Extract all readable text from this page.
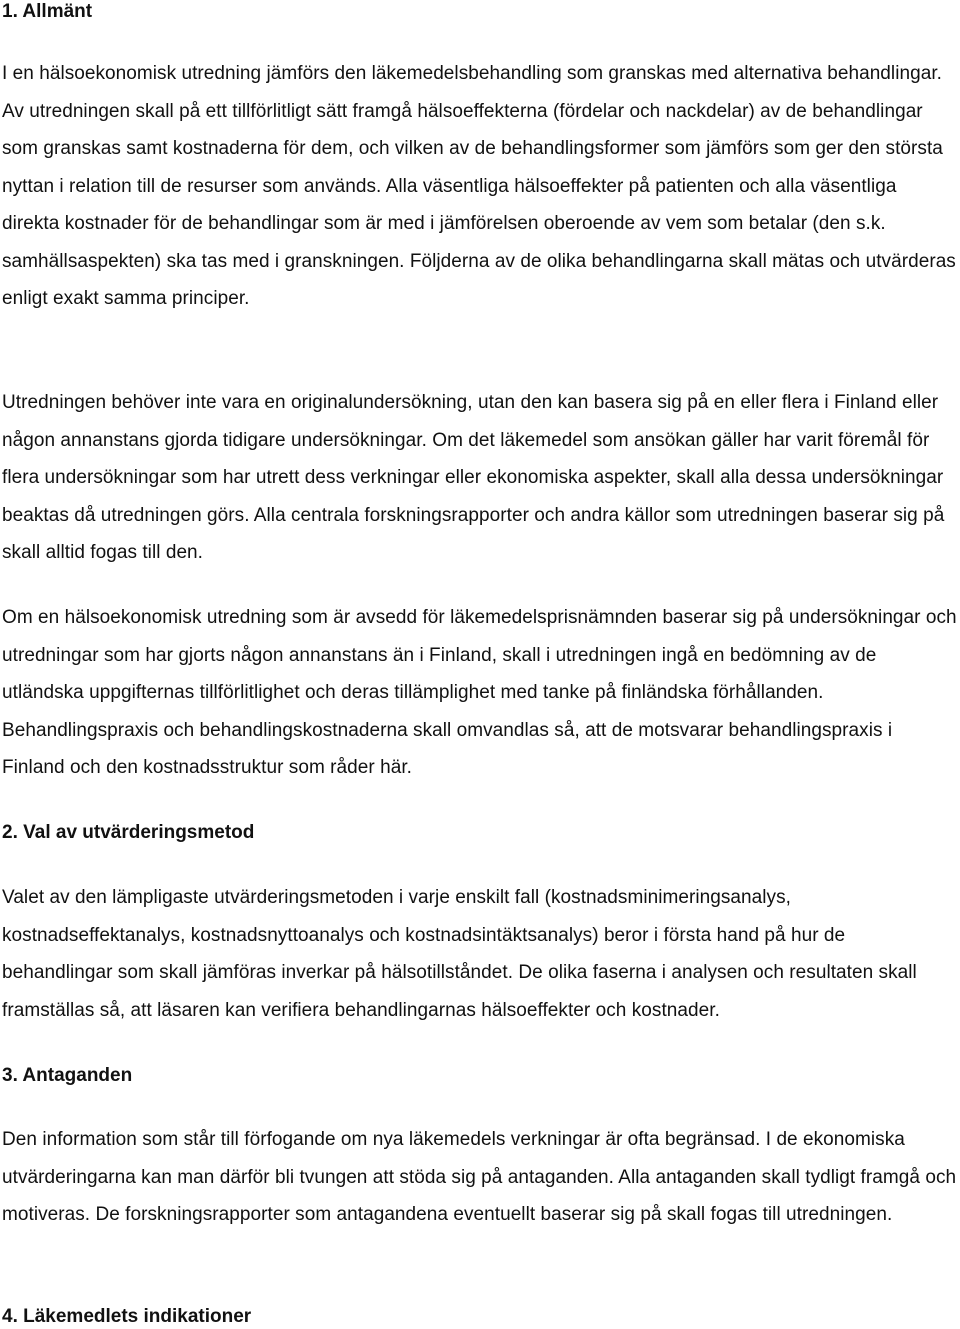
1. Allmänt

I en hälsoekonomisk utredning jämförs den läkemedelsbehandling som granskas med alternativa behandlingar. Av utredningen skall på ett tillförlitligt sätt framgå hälsoeffekterna (fördelar och nackdelar) av de behandlingar som granskas samt kostnaderna för dem, och vilken av de behandlingsformer som jämförs som ger den största nyttan i relation till de resurser som används. Alla väsentliga hälsoeffekter på patienten och alla väsentliga direkta kostnader för de behandlingar som är med i jämförelsen oberoende av vem som betalar (den s.k. samhällsaspekten) ska tas med i granskningen. Följderna av de olika behandlingarna skall mätas och utvärderas enligt exakt samma principer.

Utredningen behöver inte vara en originalundersökning, utan den kan basera sig på en eller flera i Finland eller någon annanstans gjorda tidigare undersökningar. Om det läkemedel som ansökan gäller har varit föremål för flera undersökningar som har utrett dess verkningar eller ekonomiska aspekter, skall alla dessa undersökningar beaktas då utredningen görs. Alla centrala forskningsrapporter och andra källor som utredningen baserar sig på skall alltid fogas till den.

Om en hälsoekonomisk utredning som är avsedd för läkemedelsprisnämnden baserar sig på undersökningar och utredningar som har gjorts någon annanstans än i Finland, skall i utredningen ingå en bedömning av de utländska uppgifternas tillförlitlighet och deras tillämplighet med tanke på finländska förhållanden. Behandlingspraxis och behandlingskostnaderna skall omvandlas så, att de motsvarar behandlingspraxis i Finland och den kostnadsstruktur som råder här.

2. Val av utvärderingsmetod

Valet av den lämpligaste utvärderingsmetoden i varje enskilt fall (kostnadsminimeringsanalys, kostnadseffektanalys, kostnadsnyttoanalys och kostnadsintäktsanalys) beror i första hand på hur de behandlingar som skall jämföras inverkar på hälsotillståndet. De olika faserna i analysen och resultaten skall framställas så, att läsaren kan verifiera behandlingarnas hälsoeffekter och kostnader.

3. Antaganden

Den information som står till förfogande om nya läkemedels verkningar är ofta begränsad. I de ekonomiska utvärderingarna kan man därför bli tvungen att stöda sig på antaganden. Alla antaganden skall tydligt framgå och motiveras. De forskningsrapporter som antagandena eventuellt baserar sig på skall fogas till utredningen.

4. Läkemedlets indikationer
